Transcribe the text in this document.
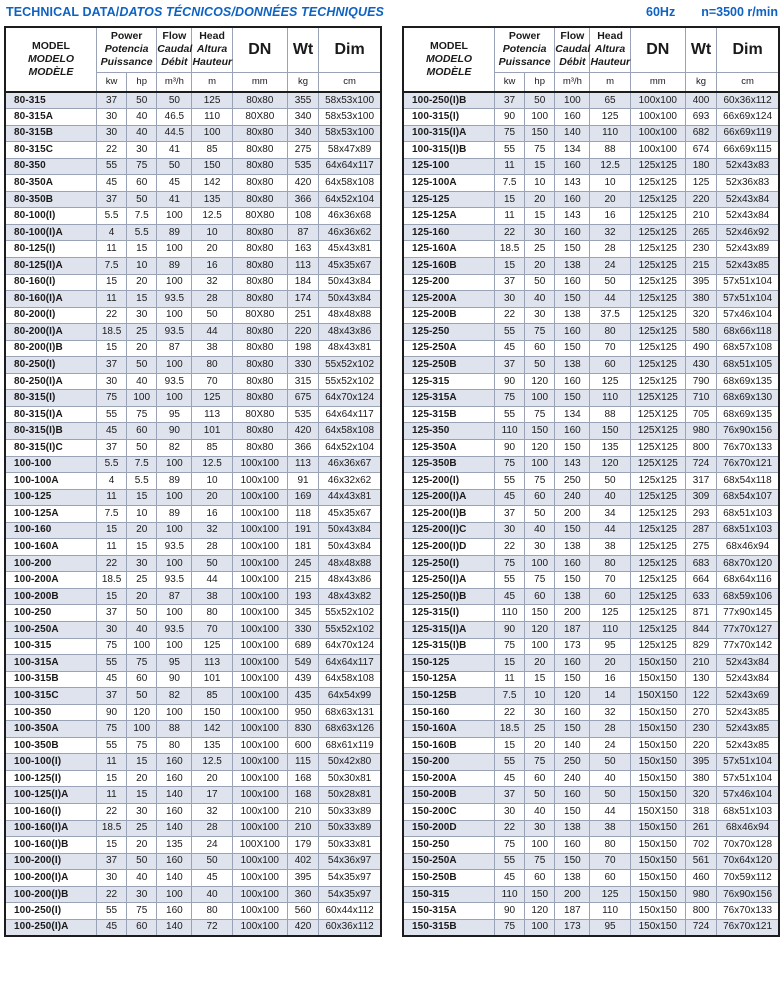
TECHNICAL DATA/DATOS TÉCNICOS/DONNÉES TECHNIQUES	60Hz n=3500 r/min
MODEL
MODELO
MODÈLE	Power
Potencia
Puissance		Flow
Caudal
Débit	Head
Altura
Hauteur	DN	Wt	Dim
	kw	hp	m³/h	m	mm	kg	cm
80-315	37	50	50	125	80x80	355	58x53x100
80-315A	30	40	46.5	110	80X80	340	58x53x100
80-315B	30	40	44.5	100	80x80	340	58x53x100
80-315C	22	30	41	85	80x80	275	58x47x89
80-350	55	75	50	150	80x80	535	64x64x117
80-350A	45	60	45	142	80x80	420	64x58x108
80-350B	37	50	41	135	80x80	366	64x52x104
80-100(I)	5.5	7.5	100	12.5	80X80	108	46x36x68
80-100(I)A	4	5.5	89	10	80x80	87	46x36x62
80-125(I)	11	15	100	20	80x80	163	45x43x81
80-125(I)A	7.5	10	89	16	80x80	113	45x35x67
80-160(I)	15	20	100	32	80x80	184	50x43x84
80-160(I)A	11	15	93.5	28	80x80	174	50x43x84
80-200(I)	22	30	100	50	80X80	251	48x48x88
80-200(I)A	18.5	25	93.5	44	80x80	220	48x43x86
80-200(I)B	15	20	87	38	80x80	198	48x43x81
80-250(I)	37	50	100	80	80x80	330	55x52x102
80-250(I)A	30	40	93.5	70	80x80	315	55x52x102
80-315(I)	75	100	100	125	80x80	675	64x70x124
80-315(I)A	55	75	95	113	80X80	535	64x64x117
80-315(I)B	45	60	90	101	80x80	420	64x58x108
80-315(I)C	37	50	82	85	80x80	366	64x52x104
100-100	5.5	7.5	100	12.5	100x100	113	46x36x67
100-100A	4	5.5	89	10	100x100	91	46x32x62
100-125	11	15	100	20	100x100	169	44x43x81
100-125A	7.5	10	89	16	100x100	118	45x35x67
100-160	15	20	100	32	100x100	191	50x43x84
100-160A	11	15	93.5	28	100x100	181	50x43x84
100-200	22	30	100	50	100x100	245	48x48x88
100-200A	18.5	25	93.5	44	100x100	215	48x43x86
100-200B	15	20	87	38	100x100	193	48x43x82
100-250	37	50	100	80	100x100	345	55x52x102
100-250A	30	40	93.5	70	100x100	330	55x52x102
100-315	75	100	100	125	100x100	689	64x70x124
100-315A	55	75	95	113	100x100	549	64x64x117
100-315B	45	60	90	101	100x100	439	64x58x108
100-315C	37	50	82	85	100x100	435	64x54x99
100-350	90	120	100	150	100x100	950	68x63x131
100-350A	75	100	88	142	100x100	830	68x63x126
100-350B	55	75	80	135	100x100	600	68x61x119
100-100(I)	11	15	160	12.5	100x100	115	50x42x80
100-125(I)	15	20	160	20	100x100	168	50x30x81
100-125(I)A	11	15	140	17	100x100	168	50x28x81
100-160(I)	22	30	160	32	100x100	210	50x33x89
100-160(I)A	18.5	25	140	28	100x100	210	50x33x89
100-160(I)B	15	20	135	24	100X100	179	50x33x81
100-200(I)	37	50	160	50	100x100	402	54x36x97
100-200(I)A	30	40	140	45	100x100	395	54x35x97
100-200(I)B	22	30	100	40	100x100	360	54x35x97
100-250(I)	55	75	160	80	100x100	560	60x44x112
100-250(I)A	45	60	140	72	100x100	420	60x36x112
MODEL
MODELO
MODÈLE	Power
Potencia
Puissance		Flow
Caudal
Débit	Head
Altura
Hauteur	DN	Wt	Dim
	kw	hp	m³/h	m	mm	kg	cm
100-250(I)B	37	50	100	65	100x100	400	60x36x112
100-315(I)	90	100	160	125	100x100	693	66x69x124
100-315(I)A	75	150	140	110	100x100	682	66x69x119
100-315(I)B	55	75	134	88	100x100	674	66x69x115
125-100	11	15	160	12.5	125x125	180	52x43x83
125-100A	7.5	10	143	10	125x125	125	52x36x83
125-125	15	20	160	20	125x125	220	52x43x84
125-125A	11	15	143	16	125x125	210	52x43x84
125-160	22	30	160	32	125x125	265	52x46x92
125-160A	18.5	25	150	28	125x125	230	52x43x89
125-160B	15	20	138	24	125x125	215	52x43x85
125-200	37	50	160	50	125x125	395	57x51x104
125-200A	30	40	150	44	125x125	380	57x51x104
125-200B	22	30	138	37.5	125x125	320	57x46x104
125-250	55	75	160	80	125x125	580	68x66x118
125-250A	45	60	150	70	125x125	490	68x57x108
125-250B	37	50	138	60	125x125	430	68x51x105
125-315	90	120	160	125	125x125	790	68x69x135
125-315A	75	100	150	110	125X125	710	68x69x130
125-315B	55	75	134	88	125X125	705	68x69x135
125-350	110	150	160	150	125X125	980	76x90x156
125-350A	90	120	150	135	125X125	800	76x70x133
125-350B	75	100	143	120	125X125	724	76x70x121
125-200(I)	55	75	250	50	125x125	317	68x54x118
125-200(I)A	45	60	240	40	125x125	309	68x54x107
125-200(I)B	37	50	200	34	125x125	293	68x51x103
125-200(I)C	30	40	150	44	125x125	287	68x51x103
125-200(I)D	22	30	138	38	125x125	275	68x46x94
125-250(I)	75	100	160	80	125x125	683	68x70x120
125-250(I)A	55	75	150	70	125x125	664	68x64x116
125-250(I)B	45	60	138	60	125x125	633	68x59x106
125-315(I)	110	150	200	125	125x125	871	77x90x145
125-315(I)A	90	120	187	110	125x125	844	77x70x127
125-315(I)B	75	100	173	95	125x125	829	77x70x142
150-125	15	20	160	20	150x150	210	52x43x84
150-125A	11	15	150	16	150x150	130	52x43x84
150-125B	7.5	10	120	14	150X150	122	52x43x69
150-160	22	30	160	32	150x150	270	52x43x85
150-160A	18.5	25	150	28	150x150	230	52x43x85
150-160B	15	20	140	24	150x150	220	52x43x85
150-200	55	75	250	50	150x150	395	57x51x104
150-200A	45	60	240	40	150x150	380	57x51x104
150-200B	37	50	160	50	150x150	320	57x46x104
150-200C	30	40	150	44	150X150	318	68x51x103
150-200D	22	30	138	38	150x150	261	68x46x94
150-250	75	100	160	80	150x150	702	70x70x128
150-250A	55	75	150	70	150x150	561	70x64x120
150-250B	45	60	138	60	150x150	460	70x59x112
150-315	110	150	200	125	150x150	980	76x90x156
150-315A	90	120	187	110	150x150	800	76x70x133
150-315B	75	100	173	95	150x150	724	76x70x121
